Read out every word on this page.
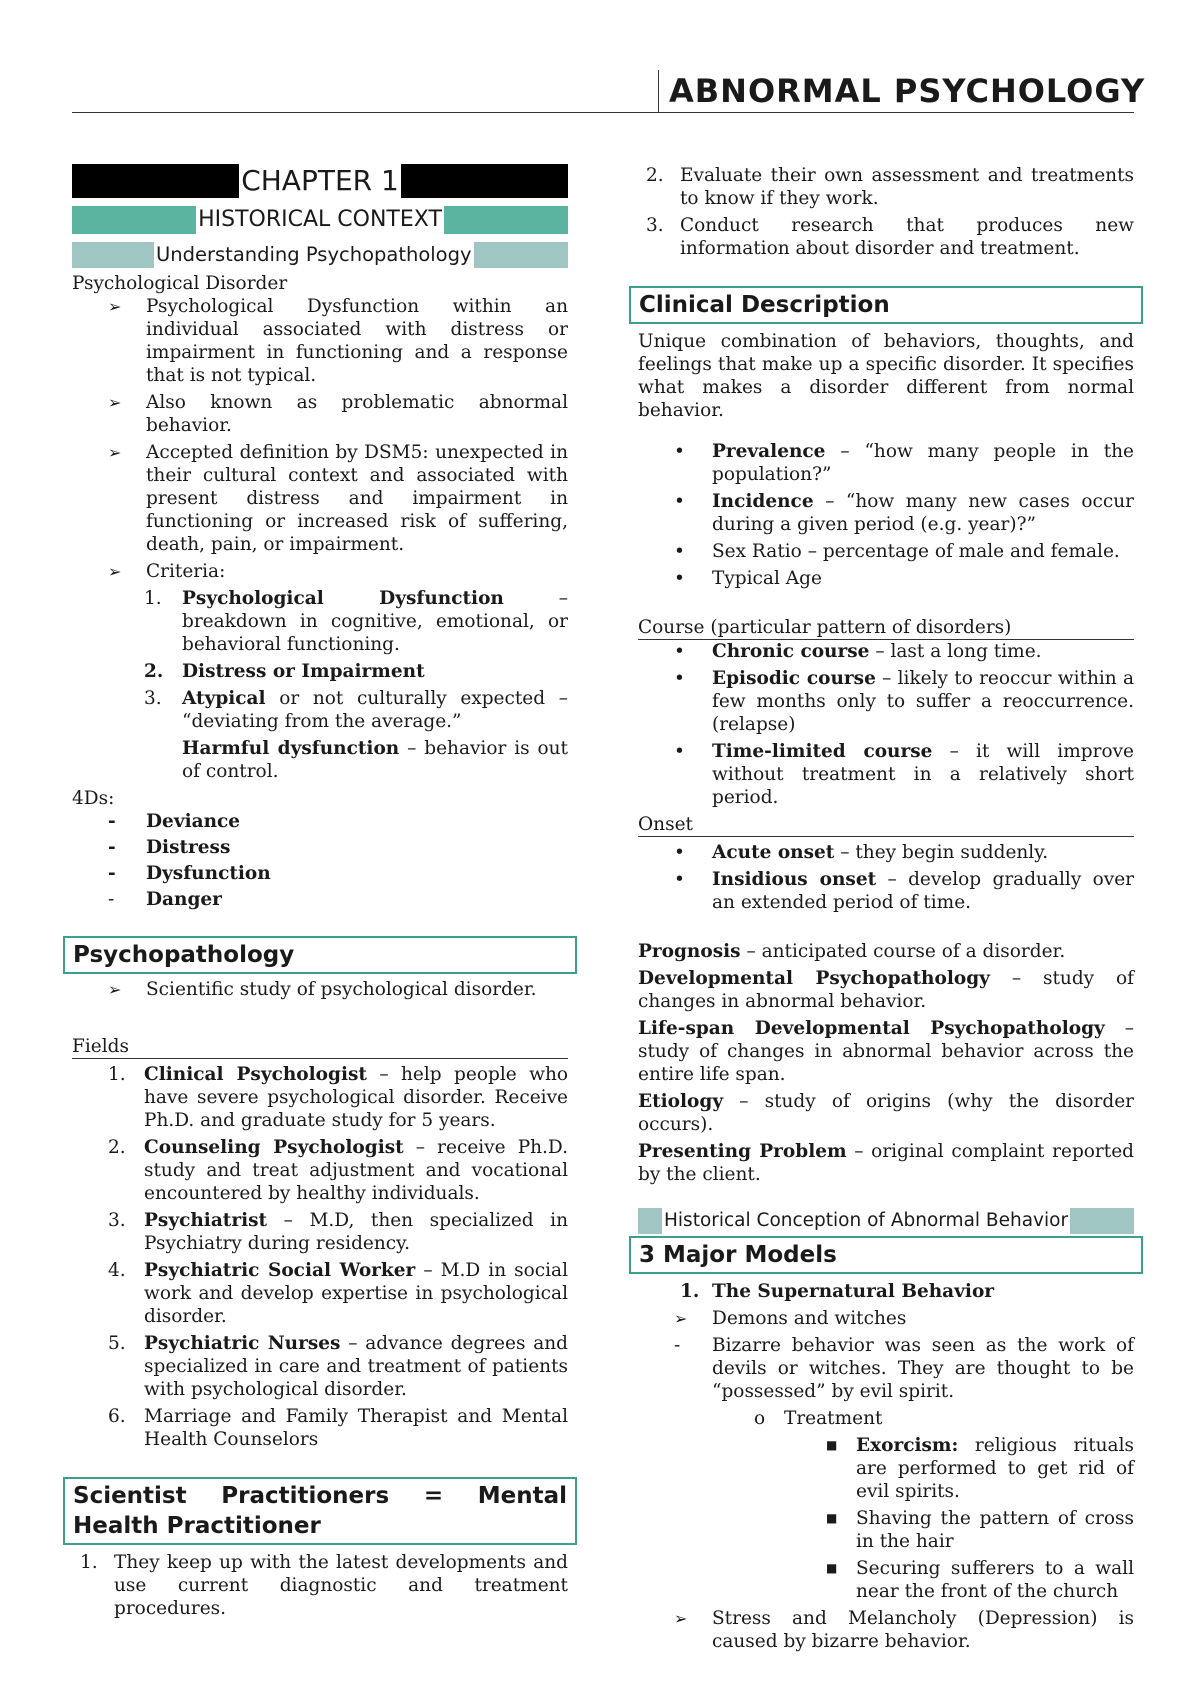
ABNORMAL PSYCHOLOGY
CHAPTER 1
HISTORICAL CONTEXT
Understanding Psychopathology

Psychological Disorder

➢ Psychological Dysfunction within an individual associated with distress or impairment in functioning and a response that is not typical.
➢ Also known as problematic abnormal behavior.
➢ Accepted definition by DSM5: unexpected in their cultural context and associated with present distress and impairment in functioning or increased risk of suffering, death, pain, or impairment.
➢ Criteria:
1. Psychological Dysfunction – breakdown in cognitive, emotional, or behavioral functioning.
2. Distress or Impairment
3. Atypical or not culturally expected – “deviating from the average.”
Harmful dysfunction – behavior is out of control.

4Ds:

- Deviance
- Distress
- Dysfunction
- Danger
Psychopathology
➢ Scientific study of psychological disorder.

Fields

1. Clinical Psychologist – help people who have severe psychological disorder. Receive Ph.D. and graduate study for 5 years.
2. Counseling Psychologist – receive Ph.D. study and treat adjustment and vocational encountered by healthy individuals.
3. Psychiatrist – M.D, then specialized in Psychiatry during residency.
4. Psychiatric Social Worker – M.D in social work and develop expertise in psychological disorder.
5. Psychiatric Nurses – advance degrees and specialized in care and treatment of patients with psychological disorder.
6. Marriage and Family Therapist and Mental Health Counselors
Scientist Practitioners = Mental Health Practitioner
1. They keep up with the latest developments and use current diagnostic and treatment procedures.
2. Evaluate their own assessment and treatments to know if they work.
3. Conduct research that produces new information about disorder and treatment.
Clinical Description

Unique combination of behaviors, thoughts, and feelings that make up a specific disorder. It specifies what makes a disorder different from normal behavior.

• Prevalence – “how many people in the population?”
• Incidence – “how many new cases occur during a given period (e.g. year)?”
• Sex Ratio – percentage of male and female.
• Typical Age

Course (particular pattern of disorders)

• Chronic course – last a long time.
• Episodic course – likely to reoccur within a few months only to suffer a reoccurrence. (relapse)
• Time-limited course – it will improve without treatment in a relatively short period.

Onset

• Acute onset – they begin suddenly.
• Insidious onset – develop gradually over an extended period of time.

Prognosis – anticipated course of a disorder.

Developmental Psychopathology – study of changes in abnormal behavior.

Life-span Developmental Psychopathology – study of changes in abnormal behavior across the entire life span.

Etiology – study of origins (why the disorder occurs).

Presenting Problem – original complaint reported by the client.

Historical Conception of Abnormal Behavior
3 Major Models
1. The Supernatural Behavior
➢ Demons and witches
- Bizarre behavior was seen as the work of devils or witches. They are thought to be “possessed” by evil spirit.
o Treatment
■ Exorcism: religious rituals are performed to get rid of evil spirits.
■ Shaving the pattern of cross in the hair
■ Securing sufferers to a wall near the front of the church
➢ Stress and Melancholy (Depression) is caused by bizarre behavior.
